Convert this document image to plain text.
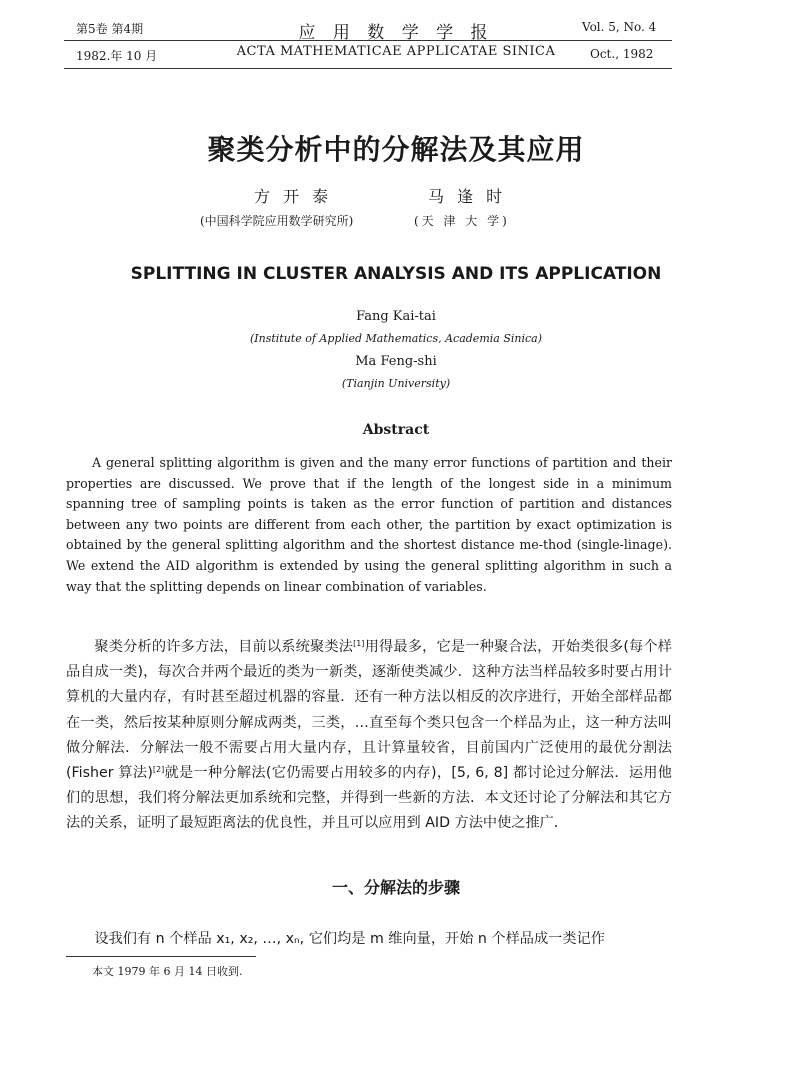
第5卷 第4期
1982.年 10 月
应 用 数 学 学 报
ACTA MATHEMATICAE APPLICATAE SINICA
Vol. 5, No. 4
Oct., 1982
聚类分析中的分解法及其应用
方 开 泰	马 逢 时
(中国科学院应用数学研究所)	(天 津 大 学)
SPLITTING IN CLUSTER ANALYSIS AND ITS APPLICATION
Fang Kai-tai
(Institute of Applied Mathematics, Academia Sinica)
Ma Feng-shi
(Tianjin University)
Abstract

A general splitting algorithm is given and the many error functions of partition and their properties are discussed. We prove that if the length of the longest side in a minimum spanning tree of sampling points is taken as the error function of partition and distances between any two points are different from each other, the partition by exact optimization is obtained by the general splitting algorithm and the shortest distance me-thod (single-linage). We extend the AID algorithm is extended by using the general splitting algorithm in such a way that the splitting depends on linear combination of variables.

聚类分析的许多方法，目前以系统聚类法[1]用得最多，它是一种聚合法，开始类很多(每个样品自成一类)，每次合并两个最近的类为一新类，逐渐使类减少．这种方法当样品较多时要占用计算机的大量内存，有时甚至超过机器的容量．还有一种方法以相反的次序进行，开始全部样品都在一类，然后按某种原则分解成两类，三类，…直至每个类只包含一个样品为止，这一种方法叫做分解法．分解法一般不需要占用大量内存，且计算量较省，目前国内广泛使用的最优分割法 (Fisher 算法)[2]就是一种分解法(它仍需要占用较多的内存)，[5, 6, 8] 都讨论过分解法．运用他们的思想，我们将分解法更加系统和完整，并得到一些新的方法．本文还讨论了分解法和其它方法的关系，证明了最短距离法的优良性，并且可以应用到 AID 方法中使之推广．

一、分解法的步骤
设我们有 n 个样品 x₁, x₂, …, xₙ, 它们均是 m 维向量，开始 n 个样品成一类记作
本文 1979 年 6 月 14 日收到.
